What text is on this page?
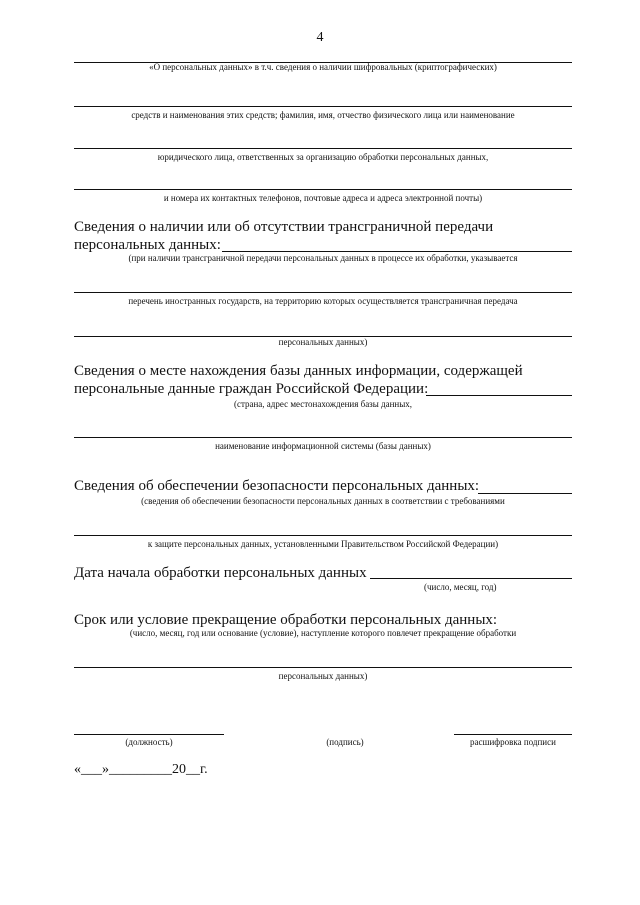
4
«О персональных данных» в т.ч. сведения о наличии шифровальных (криптографических)
средств и наименования этих средств; фамилия, имя, отчество физического лица или наименование
юридического лица, ответственных за организацию обработки персональных данных,
и номера их контактных телефонов, почтовые адреса и адреса электронной почты)
Сведения о наличии или об отсутствии трансграничной передачи
персональных данных:
(при наличии трансграничной передачи персональных данных в процессе их обработки, указывается
перечень иностранных государств, на территорию которых осуществляется трансграничная передача
персональных данных)
Сведения о месте нахождения базы данных информации, содержащей
персональные данные граждан Российской Федерации:
(страна, адрес местонахождения базы данных,
наименование информационной системы (базы данных)
Сведения об обеспечении безопасности персональных данных:
(сведения об обеспечении безопасности персональных данных в соответствии с требованиями
к защите персональных данных, установленными Правительством Российской Федерации)
Дата начала обработки персональных данных
(число, месяц, год)
Срок или условие прекращение обработки персональных данных:
(число, месяц, год или основание (условие), наступление которого повлечет прекращение обработки
персональных данных)
(должность)	(подпись)	расшифровка подписи
«___»_________20__г.
